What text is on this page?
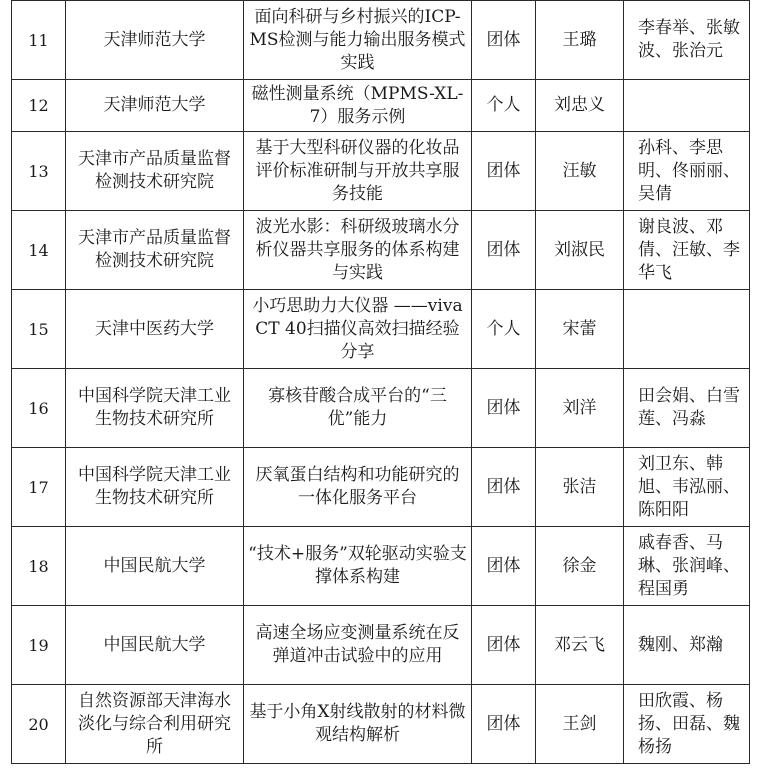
11	天津师范大学	面向科研与乡村振兴的ICP-MS检测与能力输出服务模式实践	团体	王璐	李春举、张敏波、张治元
12	天津师范大学	磁性测量系统（MPMS-XL-7）服务示例	个人	刘忠义	
13	天津市产品质量监督检测技术研究院	基于大型科研仪器的化妆品评价标准研制与开放共享服务技能	团体	汪敏	孙科、李思明、佟丽丽、吴倩
14	天津市产品质量监督检测技术研究院	波光水影：科研级玻璃水分析仪器共享服务的体系构建与实践	团体	刘淑民	谢良波、邓倩、汪敏、李华飞
15	天津中医药大学	小巧思助力大仪器 ——vivaCT 40扫描仪高效扫描经验分享	个人	宋蕾	
16	中国科学院天津工业生物技术研究所	寡核苷酸合成平台的“三优”能力	团体	刘洋	田会娟、白雪莲、冯淼
17	中国科学院天津工业生物技术研究所	厌氧蛋白结构和功能研究的一体化服务平台	团体	张洁	刘卫东、韩旭、韦泓丽、陈阳阳
18	中国民航大学	“技术+服务”双轮驱动实验支撑体系构建	团体	徐金	戚春香、马琳、张润峰、程国勇
19	中国民航大学	高速全场应变测量系统在反弹道冲击试验中的应用	团体	邓云飞	魏刚、郑瀚
20	自然资源部天津海水淡化与综合利用研究所	基于小角X射线散射的材料微观结构解析	团体	王剑	田欣霞、杨扬、田磊、魏杨扬
